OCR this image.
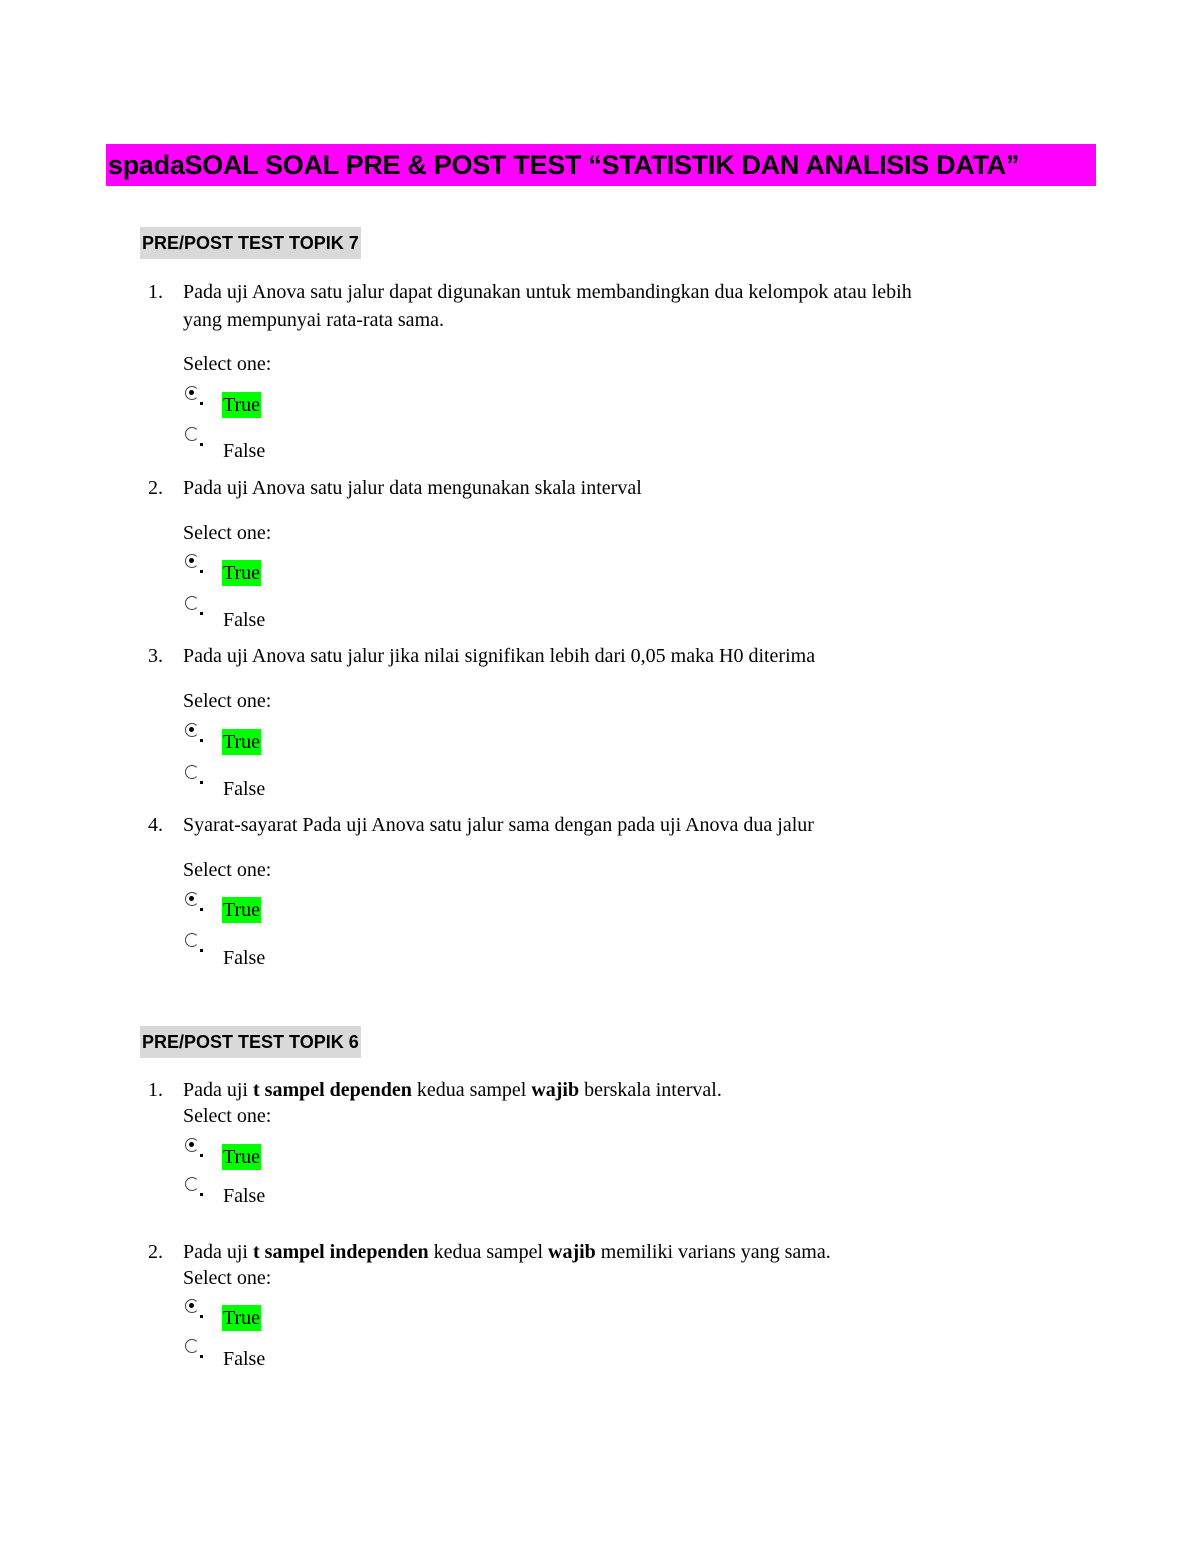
spadaSOAL SOAL PRE & POST TEST “STATISTIK DAN ANALISIS DATA”
PRE/POST TEST TOPIK 7
1. Pada uji Anova satu jalur dapat digunakan untuk membandingkan dua kelompok atau lebih
yang mempunyai rata-rata sama.
Select one:
True
False
2. Pada uji Anova satu jalur data mengunakan skala interval
Select one:
True
False
3. Pada uji Anova satu jalur jika nilai signifikan lebih dari 0,05 maka H0 diterima
Select one:
True
False
4. Syarat-sayarat Pada uji Anova satu jalur sama dengan pada uji Anova dua jalur
Select one:
True
False
PRE/POST TEST TOPIK 6
1. Pada uji t sampel dependen kedua sampel wajib berskala interval.
Select one:
True
False
2. Pada uji t sampel independen kedua sampel wajib memiliki varians yang sama.
Select one:
True
False
